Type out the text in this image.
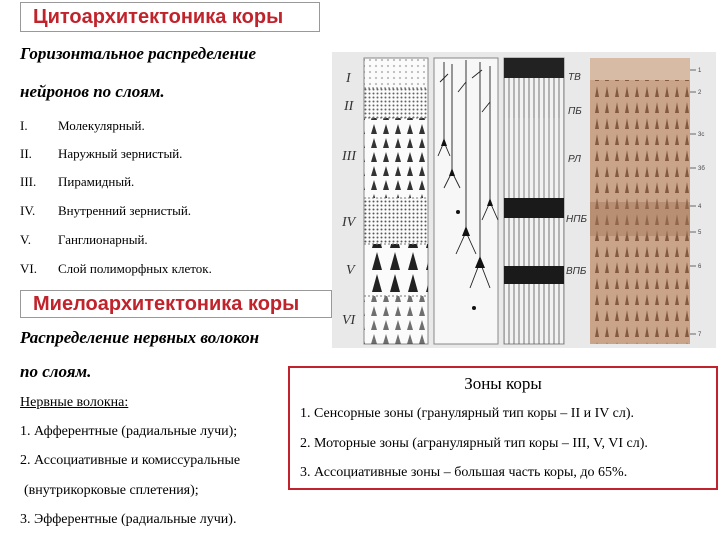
Цитоархитектоника коры
Горизонтальное распределение
нейронов по слоям.
I. Молекулярный.
II. Наружный зернистый.
III. Пирамидный.
IV. Внутренний зернистый.
V. Ганглионарный.
VI. Слой полиморфных клеток.
Миелоархитектоника коры
Распределение нервных волокон
по слоям.
Нервные волокна:
1. Афферентные (радиальные лучи);
2. Ассоциативные и комиссуральные
(внутрикорковые сплетения);
3. Эфферентные (радиальные лучи).
Зоны коры
1. Сенсорные зоны (гранулярный тип коры – II и IV сл).
2. Моторные зоны (агранулярный тип коры – III, V, VI сл).
3. Ассоциативные зоны – большая часть коры, до 65%.
I
II
III
IV
V
VI
ТВ
ПБ
РЛ
НПБ
ВПБ
1
2
3c
3б
4
5
6
7
